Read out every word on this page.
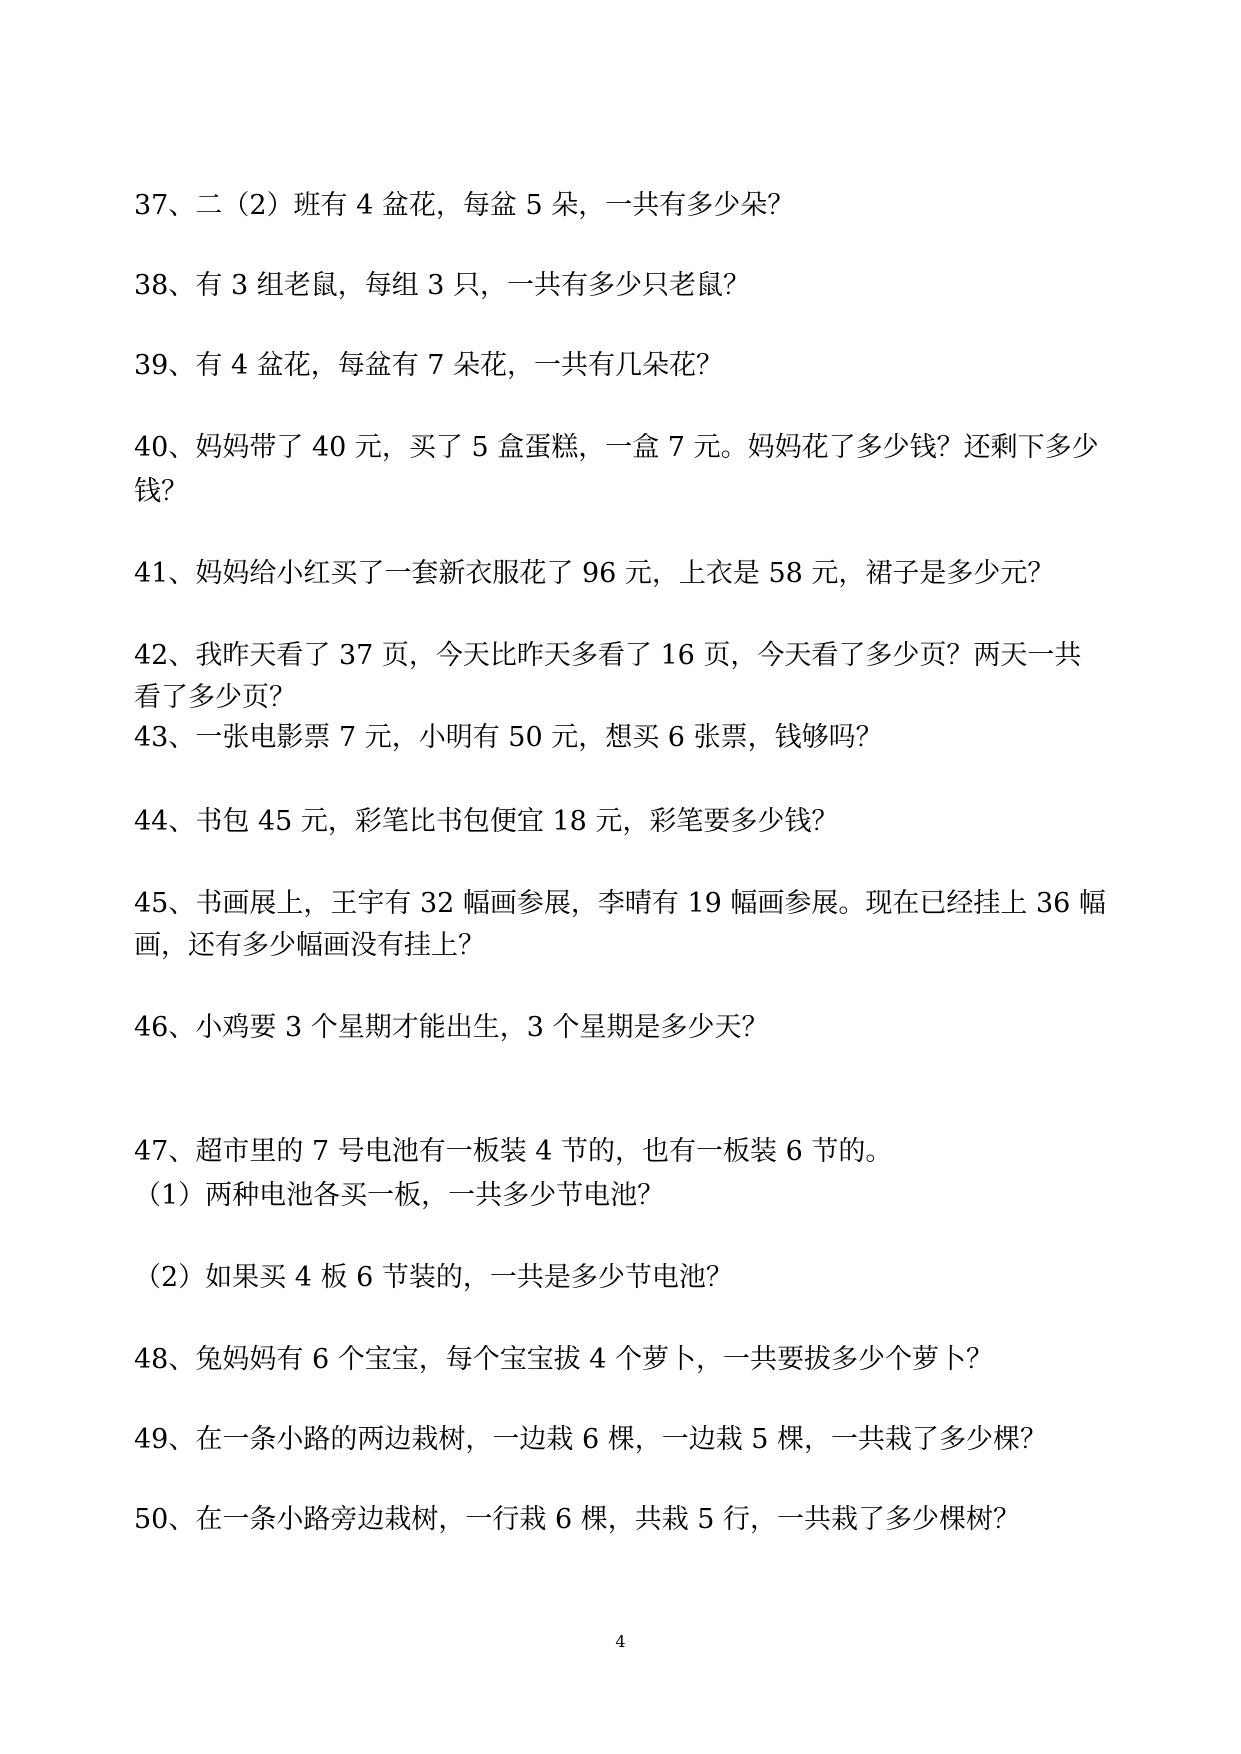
37、二（2）班有 4 盆花，每盆 5 朵，一共有多少朵？
38、有 3 组老鼠，每组 3 只，一共有多少只老鼠？
39、有 4 盆花，每盆有 7 朵花，一共有几朵花？
40、妈妈带了 40 元，买了 5 盒蛋糕，一盒 7 元。妈妈花了多少钱？还剩下多少
钱？
41、妈妈给小红买了一套新衣服花了 96 元，上衣是 58 元，裙子是多少元？
42、我昨天看了 37 页，今天比昨天多看了 16 页，今天看了多少页？两天一共
看了多少页？
43、一张电影票 7 元，小明有 50 元，想买 6 张票，钱够吗？
44、书包 45 元，彩笔比书包便宜 18 元，彩笔要多少钱？
45、书画展上，王宇有 32 幅画参展，李晴有 19 幅画参展。现在已经挂上 36 幅
画，还有多少幅画没有挂上？
46、小鸡要 3 个星期才能出生，3 个星期是多少天？
47、超市里的 7 号电池有一板装 4 节的，也有一板装 6 节的。
（1）两种电池各买一板，一共多少节电池？
（2）如果买 4 板 6 节装的，一共是多少节电池？
48、兔妈妈有 6 个宝宝，每个宝宝拔 4 个萝卜，一共要拔多少个萝卜？
49、在一条小路的两边栽树，一边栽 6 棵，一边栽 5 棵，一共栽了多少棵？
50、在一条小路旁边栽树，一行栽 6 棵，共栽 5 行，一共栽了多少棵树？
4
